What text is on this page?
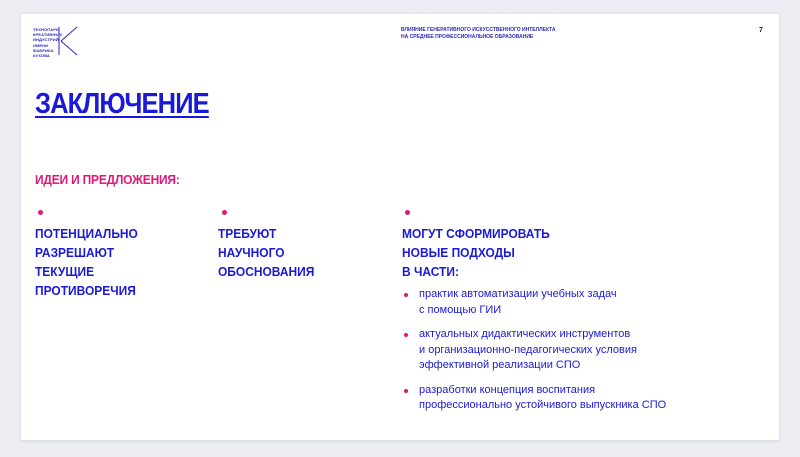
ТЕХНОПАРК
КРЕАТИВНЫХ
ИНДУСТРИЙ
ИМЕНИ
ФАБРИКА
КУХОВА
ВЛИЯНИЕ ГЕНЕРАТИВНОГО ИСКУССТВЕННОГО ИНТЕЛЛЕКТА
НА СРЕДНЕЕ ПРОФЕССИОНАЛЬНОЕ ОБРАЗОВАНИЕ
7
ЗАКЛЮЧЕНИЕ
ИДЕИ И ПРЕДЛОЖЕНИЯ:
ПОТЕНЦИАЛЬНО
РАЗРЕШАЮТ
ТЕКУЩИЕ
ПРОТИВОРЕЧИЯ
ТРЕБУЮТ
НАУЧНОГО
ОБОСНОВАНИЯ
МОГУТ СФОРМИРОВАТЬ
НОВЫЕ ПОДХОДЫ
В ЧАСТИ:
практик автоматизации учебных задач
с помощью ГИИ
актуальных дидактических инструментов
и организационно-педагогических условия
эффективной реализации СПО
разработки концепция воспитания
профессионально устойчивого выпускника СПО
